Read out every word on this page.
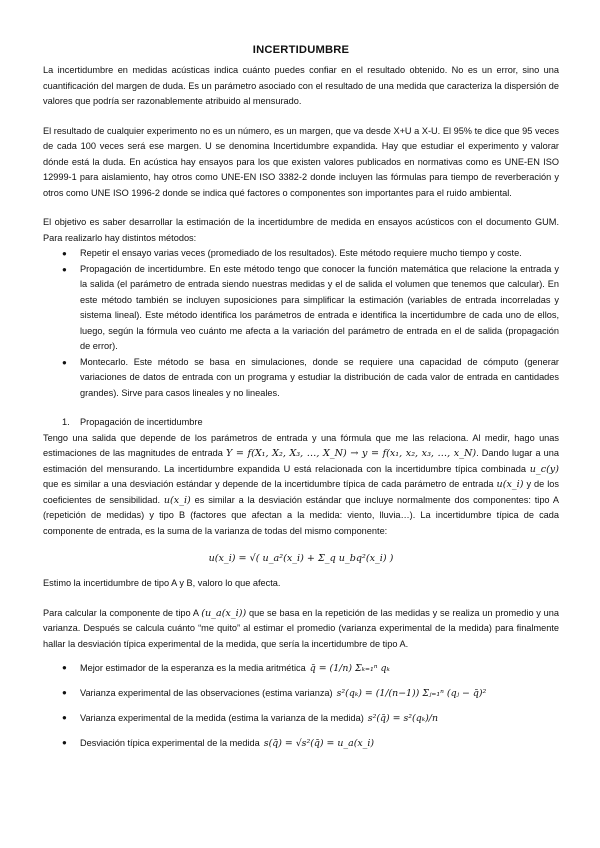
INCERTIDUMBRE

La incertidumbre en medidas acústicas indica cuánto puedes confiar en el resultado obtenido. No es un error, sino una cuantificación del margen de duda. Es un parámetro asociado con el resultado de una medida que caracteriza la dispersión de valores que podría ser razonablemente atribuido al mensurado.

El resultado de cualquier experimento no es un número, es un margen, que va desde X+U a X-U. El 95% te dice que 95 veces de cada 100 veces será ese margen. U se denomina Incertidumbre expandida. Hay que estudiar el experimento y valorar dónde está la duda. En acústica hay ensayos para los que existen valores publicados en normativas como es UNE-EN ISO 12999-1 para aislamiento, hay otros como UNE-EN ISO 3382-2 donde incluyen las fórmulas para tiempo de reverberación y otros como UNE ISO 1996-2 donde se indica qué factores o componentes son importantes para el ruido ambiental.

El objetivo es saber desarrollar la estimación de la incertidumbre de medida en ensayos acústicos con el documento GUM. Para realizarlo hay distintos métodos:

● Repetir el ensayo varias veces (promediado de los resultados). Este método requiere mucho tiempo y coste.
● Propagación de incertidumbre. En este método tengo que conocer la función matemática que relacione la entrada y la salida (el parámetro de entrada siendo nuestras medidas y el de salida el volumen que tenemos que calcular). En este método también se incluyen suposiciones para simplificar la estimación (variables de entrada incorreladas y sistema lineal). Este método identifica los parámetros de entrada e identifica la incertidumbre de cada uno de ellos, luego, según la fórmula veo cuánto me afecta a la variación del parámetro de entrada en el de salida (propagación de error).
● Montecarlo. Este método se basa en simulaciones, donde se requiere una capacidad de cómputo (generar variaciones de datos de entrada con un programa y estudiar la distribución de cada valor de entrada en cantidades grandes). Sirve para casos lineales y no lineales.
1.	Propagación de incertidumbre

Tengo una salida que depende de los parámetros de entrada y una fórmula que me las relaciona. Al medir, hago unas estimaciones de las magnitudes de entrada Y = f(X₁, X₂, X₃, …, X_N) → y = f(x₁, x₂, x₃, …, x_N). Dando lugar a una estimación del mensurando. La incertidumbre expandida U está relacionada con la incertidumbre típica combinada u_c(y) que es similar a una desviación estándar y depende de la incertidumbre típica de cada parámetro de entrada u(x_i) y de los coeficientes de sensibilidad. u(x_i) es similar a la desviación estándar que incluye normalmente dos componentes: tipo A (repetición de medidas) y tipo B (factores que afectan a la medida: viento, lluvia…). La incertidumbre típica de cada componente de entrada, es la suma de la varianza de todas del mismo componente:

u(x_i) = √( u_a²(x_i) + Σ_q u_bq²(x_i) )

Estimo la incertidumbre de tipo A y B, valoro lo que afecta.

Para calcular la componente de tipo A (u_a(x_i)) que se basa en la repetición de las medidas y se realiza un promedio y una varianza. Después se calcula cuánto “me quito” al estimar el promedio (varianza experimental de la medida) para finalmente hallar la desviación típica experimental de la medida, que sería la incertidumbre de tipo A.

● Mejor estimador de la esperanza es la media aritmética q̄ = (1/n) Σₖ₌₁ⁿ qₖ
● Varianza experimental de las observaciones (estima varianza) s²(qₖ) = (1/(n−1)) Σⱼ₌₁ⁿ (qⱼ − q̄)²
● Varianza experimental de la medida (estima la varianza de la medida) s²(q̄) = s²(qₖ)/n
● Desviación típica experimental de la medida s(q̄) = √s²(q̄) = u_a(x_i)
